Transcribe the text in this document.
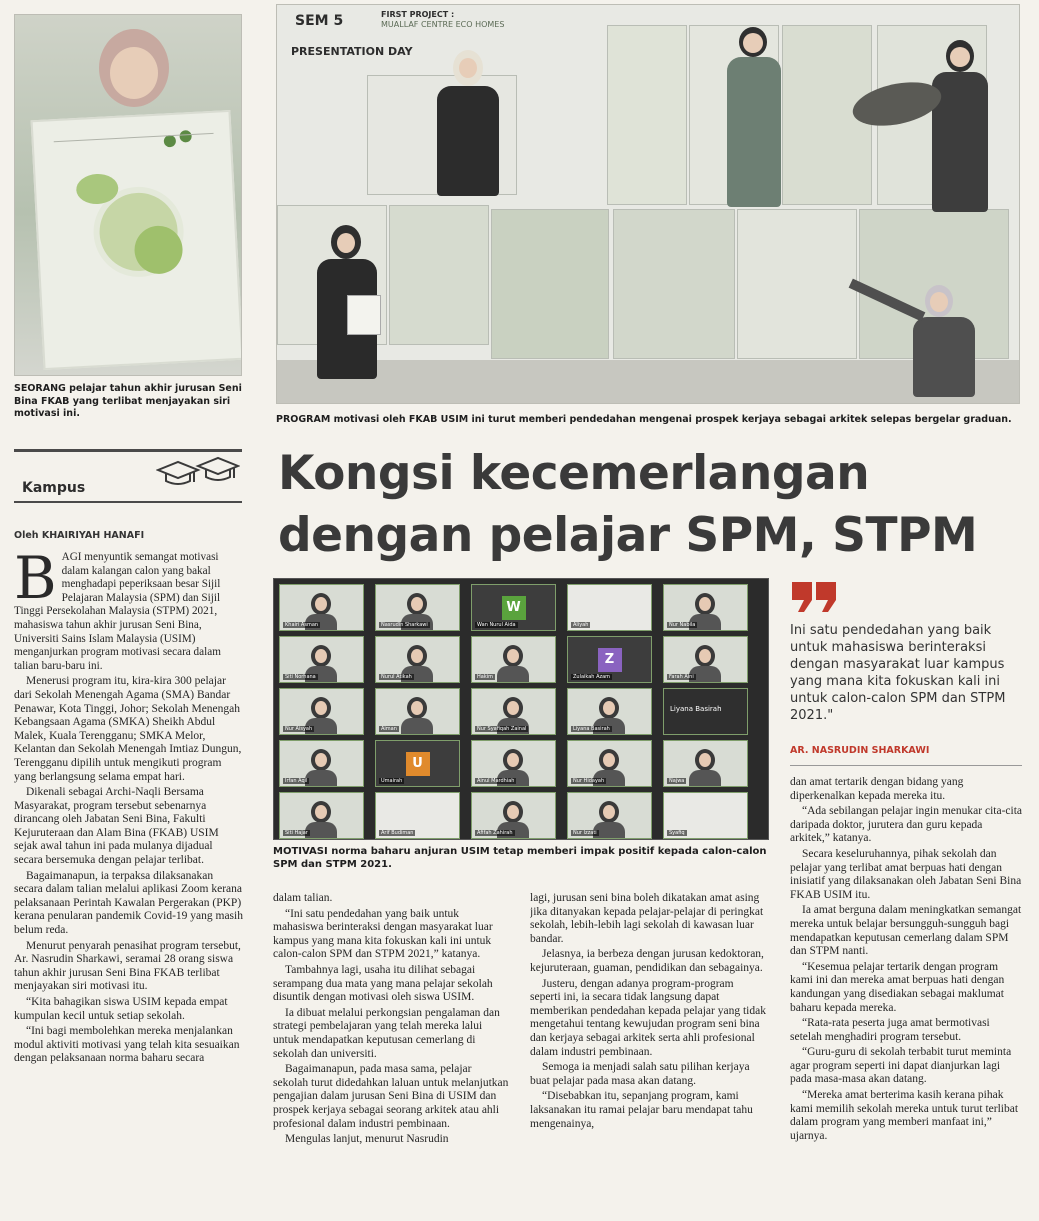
SEORANG pelajar tahun akhir jurusan Seni Bina FKAB yang terlibat menjayakan siri motivasi ini.
SEM 5	FIRST PROJECT :
MUALLAF CENTRE ECO HOMES
PRESENTATION DAY
PROGRAM motivasi oleh FKAB USIM ini turut memberi pendedahan mengenai prospek kerjaya sebagai arkitek selepas bergelar graduan.
Kampus	Kongsi kecemerlangan
dengan pelajar SPM, STPM
Oleh KHAIRIYAH HANAFI
B AGI menyuntik semangat motivasi dalam kalangan calon yang bakal menghadapi peperiksaan besar Sijil Pelajaran Malaysia (SPM) dan Sijil Tinggi Persekolahan Malaysia (STPM) 2021, mahasiswa tahun akhir jurusan Seni Bina, Universiti Sains Islam Malaysia (USIM) menganjurkan program motivasi secara dalam talian baru-baru ini.

Menerusi program itu, kira-kira 300 pelajar dari Sekolah Menengah Agama (SMA) Bandar Penawar, Kota Tinggi, Johor; Sekolah Menengah Kebangsaan Agama (SMKA) Sheikh Abdul Malek, Kuala Terengganu; SMKA Melor, Kelantan dan Sekolah Menengah Imtiaz Dungun, Terengganu dipilih untuk mengikuti program yang berlangsung selama empat hari.

Dikenali sebagai Archi-Naqli Bersama Masyarakat, program tersebut sebenarnya dirancang oleh Jabatan Seni Bina, Fakulti Kejuruteraan dan Alam Bina (FKAB) USIM sejak awal tahun ini pada mulanya dijadual secara bersemuka dengan pelajar terlibat.

Bagaimanapun, ia terpaksa dilaksanakan secara dalam talian melalui aplikasi Zoom kerana pelaksanaan Perintah Kawalan Pergerakan (PKP) kerana penularan pandemik Covid-19 yang masih belum reda.

Menurut penyarah penasihat program tersebut, Ar. Nasrudin Sharkawi, seramai 28 orang siswa tahun akhir jurusan Seni Bina FKAB terlibat menjayakan siri motivasi itu.

“Kita bahagikan siswa USIM kepada empat kumpulan kecil untuk setiap sekolah.

“Ini bagi membolehkan mereka menjalankan modul aktiviti motivasi yang telah kita sesuaikan dengan pelaksanaan norma baharu secara

Khairi Asman	Nasrudin Sharkawi
W
Wan Nurul Aida	Aliyah	Nur Nabila
Siti Norhana	Nurul Atikah	Hakim
Z
Zulaikah Azam	Farah Aini
Nur Aisyah	Aiman	Nur Syafiqah Zainal	Liyana Basirah
Liyana Basirah
Irfan Aqil
U
Umairah	Ainul Mardhiah	Nur Hidayah	Najwa
Siti Hajar	Arif Budiman	Afifah Zahirah	Nur Izzati	Syafiq
MOTIVASI norma baharu anjuran USIM tetap memberi impak positif kepada calon-calon SPM dan STPM 2021.
Ini satu pendedahan yang baik untuk mahasiswa berinteraksi dengan masyarakat luar kampus yang mana kita fokuskan kali ini untuk calon-calon SPM dan STPM 2021."
AR. NASRUDIN SHARKAWI

dalam talian.

“Ini satu pendedahan yang baik untuk mahasiswa berinteraksi dengan masyarakat luar kampus yang mana kita fokuskan kali ini untuk calon-calon SPM dan STPM 2021,” katanya.

Tambahnya lagi, usaha itu dilihat sebagai serampang dua mata yang mana pelajar sekolah disuntik dengan motivasi oleh siswa USIM.

Ia dibuat melalui perkongsian pengalaman dan strategi pembelajaran yang telah mereka lalui untuk mendapatkan keputusan cemerlang di sekolah dan universiti.

Bagaimanapun, pada masa sama, pelajar sekolah turut didedahkan laluan untuk melanjutkan pengajian dalam jurusan Seni Bina di USIM dan prospek kerjaya sebagai seorang arkitek atau ahli profesional dalam industri pembinaan.

Mengulas lanjut, menurut Nasrudin

lagi, jurusan seni bina boleh dikatakan amat asing jika ditanyakan kepada pelajar-pelajar di peringkat sekolah, lebih-lebih lagi sekolah di kawasan luar bandar.

Jelasnya, ia berbeza dengan jurusan kedoktoran, kejuruteraan, guaman, pendidikan dan sebagainya.

Justeru, dengan adanya program-program seperti ini, ia secara tidak langsung dapat memberikan pendedahan kepada pelajar yang tidak mengetahui tentang kewujudan program seni bina dan kerjaya sebagai arkitek serta ahli profesional dalam industri pembinaan.

Semoga ia menjadi salah satu pilihan kerjaya buat pelajar pada masa akan datang.

“Disebabkan itu, sepanjang program, kami laksanakan itu ramai pelajar baru mendapat tahu mengenainya,

dan amat tertarik dengan bidang yang diperkenalkan kepada mereka itu.

“Ada sebilangan pelajar ingin menukar cita-cita daripada doktor, jurutera dan guru kepada arkitek,” katanya.

Secara keseluruhannya, pihak sekolah dan pelajar yang terlibat amat berpuas hati dengan inisiatif yang dilaksanakan oleh Jabatan Seni Bina FKAB USIM itu.

Ia amat berguna dalam meningkatkan semangat mereka untuk belajar bersungguh-sungguh bagi mendapatkan keputusan cemerlang dalam SPM dan STPM nanti.

“Kesemua pelajar tertarik dengan program kami ini dan mereka amat berpuas hati dengan kandungan yang disediakan sebagai maklumat baharu kepada mereka.

“Rata-rata peserta juga amat bermotivasi setelah menghadiri program tersebut.

“Guru-guru di sekolah terbabit turut meminta agar program seperti ini dapat dianjurkan lagi pada masa-masa akan datang.

“Mereka amat berterima kasih kerana pihak kami memilih sekolah mereka untuk turut terlibat dalam program yang memberi manfaat ini,” ujarnya.
